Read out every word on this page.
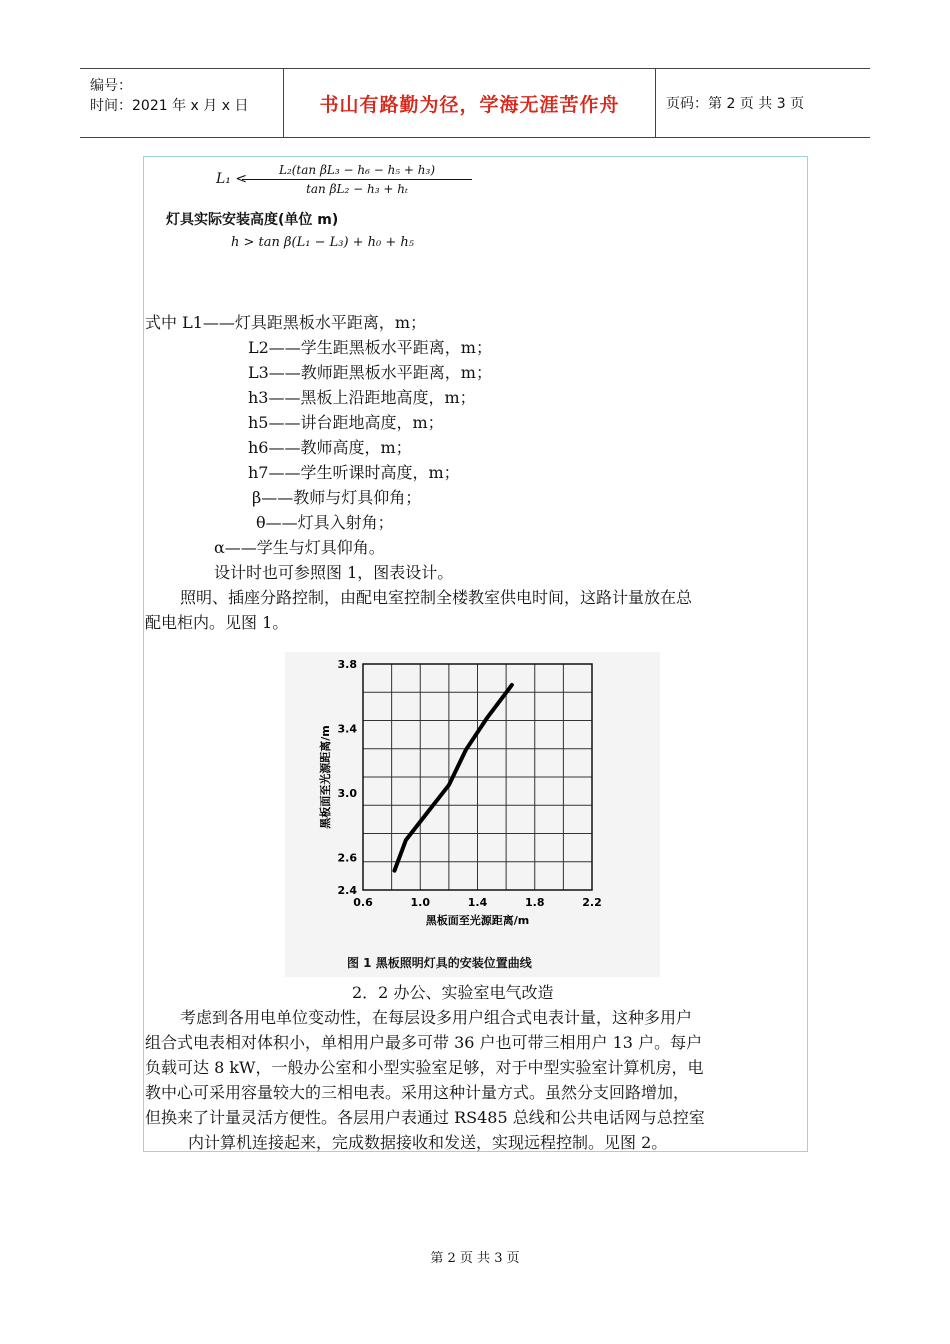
编号：
时间：2021 年 x 月 x 日	书山有路勤为径，学海无涯苦作舟	页码：第 2 页 共 3 页
L₁ <
$\frac{\text{L₂(tan βL₃ − h₆ − h₅ + h₃)}}{\text{tan βL₂ − h₃ + hₜ}}$
灯具实际安装高度(单位 m)
h > tan β(L₁ − L₃) + h₀ + h₅
式中 L1——灯具距黑板水平距离，m；
L2——学生距黑板水平距离，m；
L3——教师距黑板水平距离，m；
h3——黑板上沿距地高度，m；
h5——讲台距地高度，m；
h6——教师高度，m；
h7——学生听课时高度，m；
β——教师与灯具仰角；
θ——灯具入射角；
α——学生与灯具仰角。
设计时也可参照图 1，图表设计。
照明、插座分路控制，由配电室控制全楼教室供电时间，这路计量放在总
配电柜内。见图 1。
0.6	1.0	1.4	1.8	2.2
2.4
2.6
3.0
3.4
3.8
黑板面至光源距离/m
黑板面至光源距离/m
图 1 黑板照明灯具的安装位置曲线
2．2 办公、实验室电气改造
考虑到各用电单位变动性，在每层设多用户组合式电表计量，这种多用户
组合式电表相对体积小，单相用户最多可带 36 户也可带三相用户 13 户。每户
负载可达 8 kW，一般办公室和小型实验室足够，对于中型实验室计算机房，电
教中心可采用容量较大的三相电表。采用这种计量方式。虽然分支回路增加，
但换来了计量灵活方便性。各层用户表通过 RS485 总线和公共电话网与总控室
内计算机连接起来，完成数据接收和发送，实现远程控制。见图 2。
第 2 页 共 3 页
